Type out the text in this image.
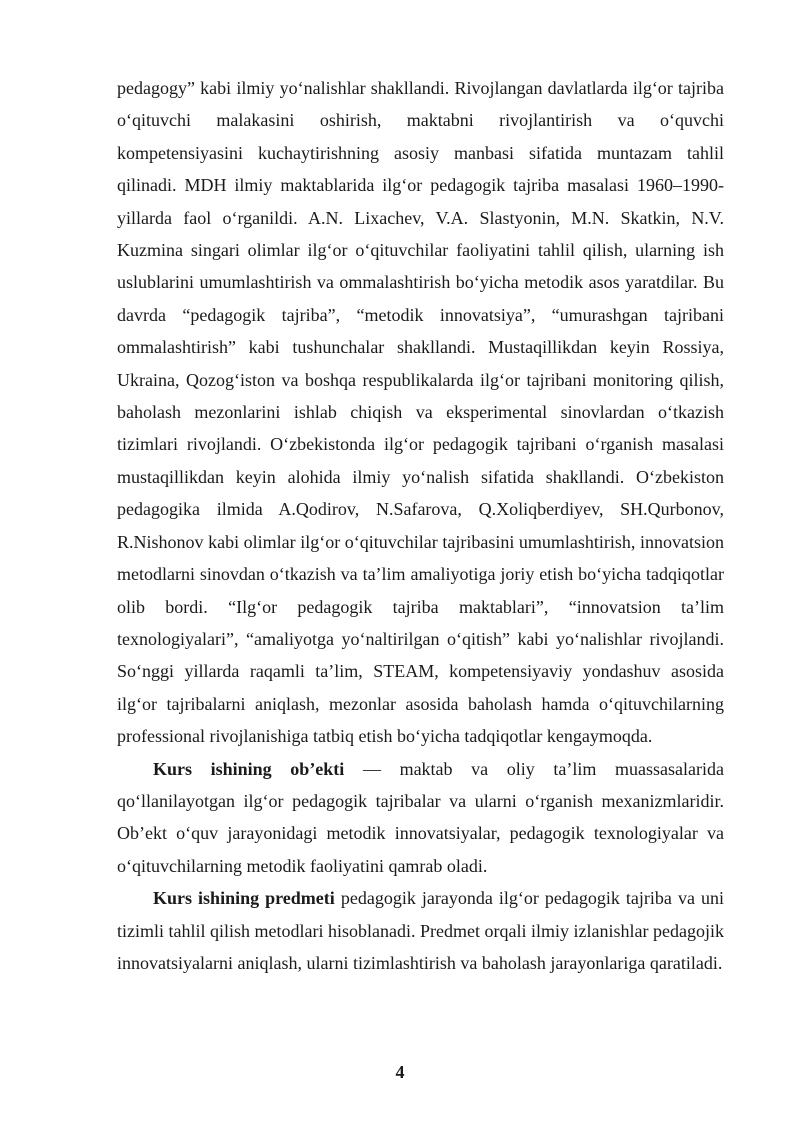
pedagogy” kabi ilmiy yo‘nalishlar shakllandi. Rivojlangan davlatlarda ilg‘or tajriba o‘qituvchi malakasini oshirish, maktabni rivojlantirish va o‘quvchi kompetensiyasini kuchaytirishning asosiy manbasi sifatida muntazam tahlil qilinadi. MDH ilmiy maktablarida ilg‘or pedagogik tajriba masalasi 1960–1990-yillarda faol o‘rganildi. A.N. Lixachev, V.A. Slastyonin, M.N. Skatkin, N.V. Kuzmina singari olimlar ilg‘or o‘qituvchilar faoliyatini tahlil qilish, ularning ish uslublarini umumlashtirish va ommalashtirish bo‘yicha metodik asos yaratdilar. Bu davrda “pedagogik tajriba”, “metodik innovatsiya”, “umurashgan tajribani ommalashtirish” kabi tushunchalar shakllandi. Mustaqillikdan keyin Rossiya, Ukraina, Qozog‘iston va boshqa respublikalarda ilg‘or tajribani monitoring qilish, baholash mezonlarini ishlab chiqish va eksperimental sinovlardan o‘tkazish tizimlari rivojlandi. O‘zbekistonda ilg‘or pedagogik tajribani o‘rganish masalasi mustaqillikdan keyin alohida ilmiy yo‘nalish sifatida shakllandi. O‘zbekiston pedagogika ilmida A.Qodirov, N.Safarova, Q.Xoliqberdiyev, SH.Qurbonov, R.Nishonov kabi olimlar ilg‘or o‘qituvchilar tajribasini umumlashtirish, innovatsion metodlarni sinovdan o‘tkazish va ta’lim amaliyotiga joriy etish bo‘yicha tadqiqotlar olib bordi. “Ilg‘or pedagogik tajriba maktablari”, “innovatsion ta’lim texnologiyalari”, “amaliyotga yo‘naltirilgan o‘qitish” kabi yo‘nalishlar rivojlandi. So‘nggi yillarda raqamli ta’lim, STEAM, kompetensiyaviy yondashuv asosida ilg‘or tajribalarni aniqlash, mezonlar asosida baholash hamda o‘qituvchilarning professional rivojlanishiga tatbiq etish bo‘yicha tadqiqotlar kengaymoqda.

Kurs ishining ob’ekti — maktab va oliy ta’lim muassasalarida qo‘llanilayotgan ilg‘or pedagogik tajribalar va ularni o‘rganish mexanizmlaridir. Ob’ekt o‘quv jarayonidagi metodik innovatsiyalar, pedagogik texnologiyalar va o‘qituvchilarning metodik faoliyatini qamrab oladi.

Kurs ishining predmeti pedagogik jarayonda ilg‘or pedagogik tajriba va uni tizimli tahlil qilish metodlari hisoblanadi. Predmet orqali ilmiy izlanishlar pedagojik innovatsiyalarni aniqlash, ularni tizimlashtirish va baholash jarayonlariga qaratiladi.

4
